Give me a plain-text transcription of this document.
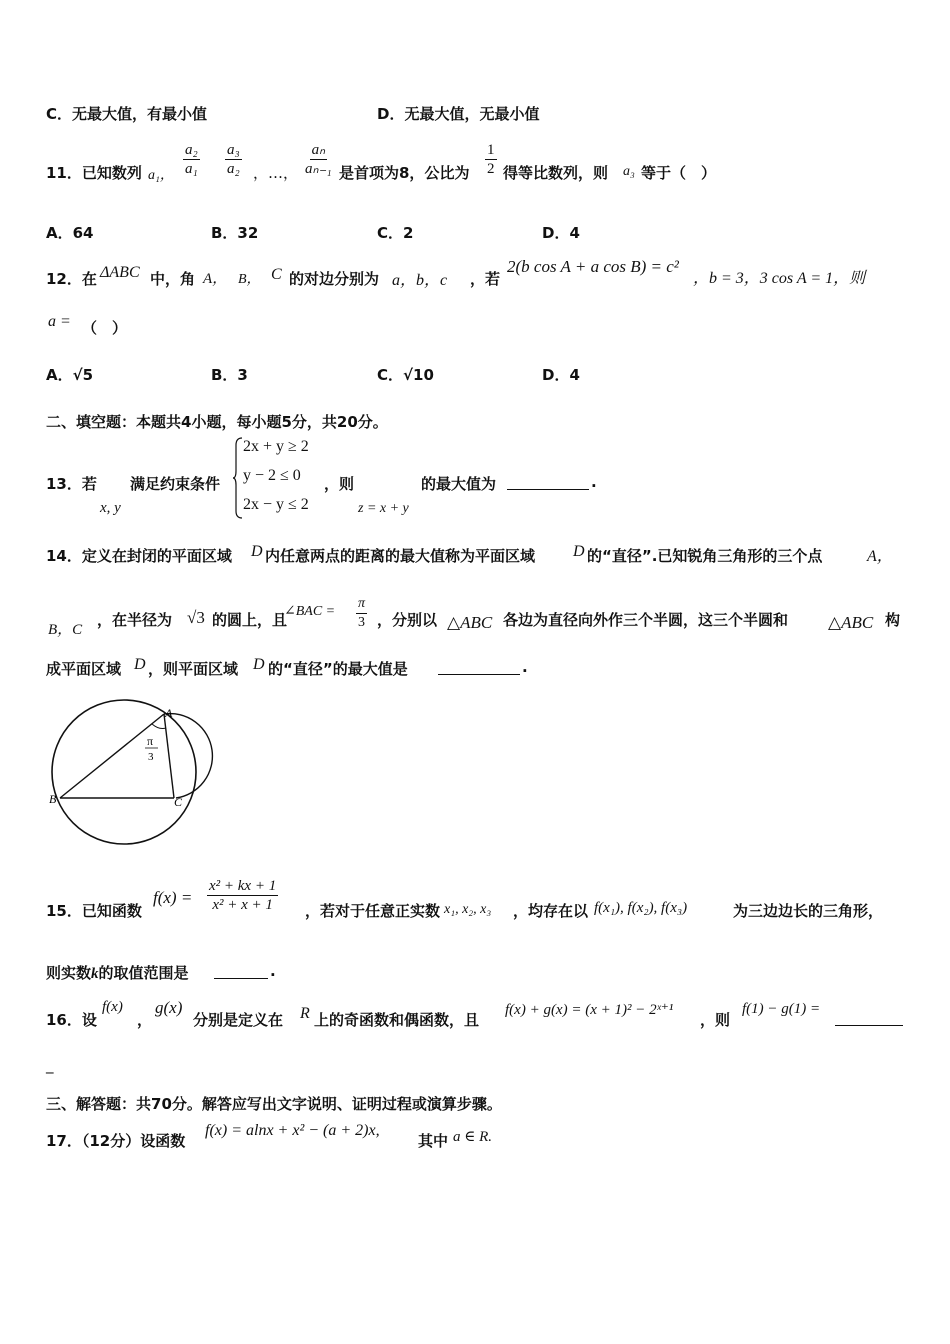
C．无最大值，有最小值	D．无最大值，无最小值
11．已知数列 a₁， $\frac{\text{a₂}}{\text{a₁}} \frac{\text{a₃}}{\text{a₂}}$ ，…， $\frac{\text{aₙ}}{\text{aₙ₋₁}}$ 是首项为8，公比为 $\frac{1}{2}$ 得等比数列，则 a₃ 等于（　）
A．64	B．32	C．2	D．4
12．在 ΔABC 中，角 A， B， C 的对边分别为 a，b，c ，若
2(b cos A + a cos B) = c²
，b = 3，3 cos A = 1，则
a = （　）
A．√5	B．3	C．√10	D．4
二、填空题：本题共4小题，每小题5分，共20分。
13．若
x, y
满足约束条件
2x + y ≥ 2
y − 2 ≤ 0
2x − y ≤ 2
，则
z = x + y
的最大值为	.
14．定义在封闭的平面区域 D 内任意两点的距离的最大值称为平面区域 D 的“直径”.已知锐角三角形的三个点	A，
B，C
，在半径为 √3 的圆上，且
∠BAC = $\frac{\pi}{3}$ ，分别以 △ABC 各边为直径向外作三个半圆，这三个半圆和 △ABC 构
成平面区域 D ，则平面区域 D 的“直径”的最大值是	.
A
B	C
π
3
15．已知函数
$f(x) = \frac{\text{x² + kx + 1}}{\text{x² + x + 1}}$ ，若对于任意正实数 x₁, x₂, x₃ ，均存在以 f(x₁), f(x₂), f(x₃)	为三边边长的三角形，
则实数k的取值范围是	.
16．设
f(x)
，
g(x)
分别是定义在 R 上的奇函数和偶函数，且
f(x) + g(x) = (x + 1)² − 2ˣ⁺¹
，则
f(1) − g(1) =
_
三、解答题：共70分。解答应写出文字说明、证明过程或演算步骤。
17．（12分）设函数
f(x) = alnx + x² − (a + 2)x,
其中 a ∈ R.
